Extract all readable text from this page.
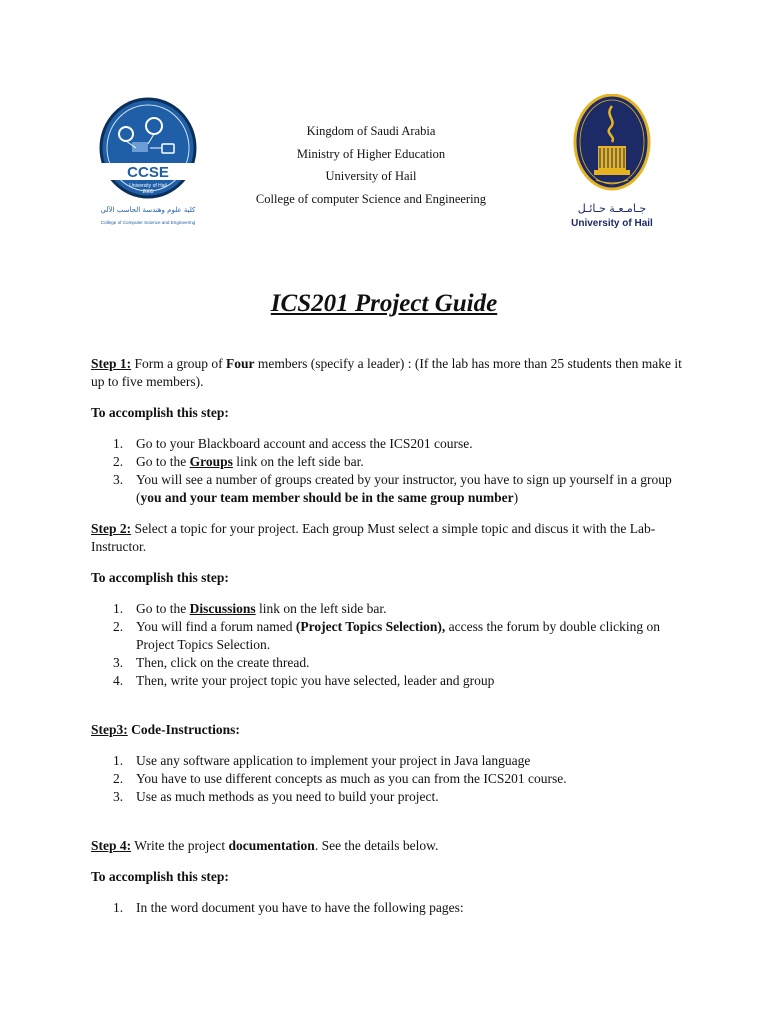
CCSE
University of Hail
2005
كلية علوم وهندسة الحاسب الآلي
College of Computer Science and Engineering
Kingdom of Saudi Arabia
Ministry of Higher Education
University of Hail
College of computer Science and Engineering
جـامـعـة حـائـل
University of Hail
ICS201 Project Guide

Step 1: Form a group of Four members (specify a leader) : (If the lab has more than 25 students then make it up to five members).

To accomplish this step:

1. Go to your Blackboard account and access the ICS201 course.
2. Go to the Groups link on the left side bar.
3. You will see a number of groups created by your instructor, you have to sign up yourself in a group (you and your team member should be in the same group number)

Step 2: Select a topic for your project. Each group Must select a simple topic and discus it with the Lab-Instructor.

To accomplish this step:

1. Go to the Discussions link on the left side bar.
2. You will find a forum named (Project Topics Selection), access the forum by double clicking on Project Topics Selection.
3. Then, click on the create thread.
4. Then, write your project topic you have selected, leader and group

Step3: Code-Instructions:

1. Use any software application to implement your project in Java language
2. You have to use different concepts as much as you can from the ICS201 course.
3. Use as much methods as you need to build your project.

Step 4: Write the project documentation. See the details below.

To accomplish this step:

1. In the word document you have to have the following pages:
